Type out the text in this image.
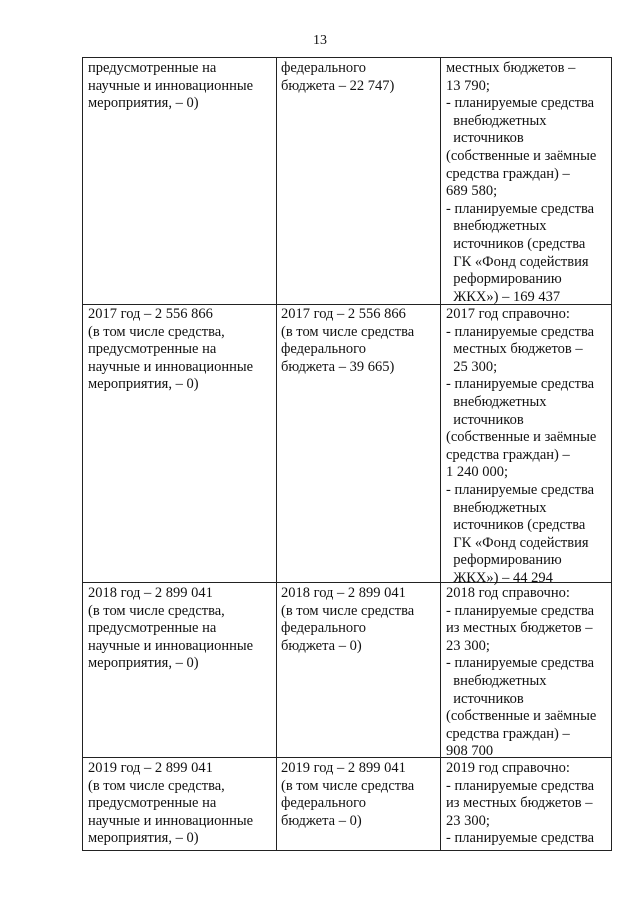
13
предусмотренные на
научные и инновационные
мероприятия, – 0)
федерального
бюджета – 22 747)
местных бюджетов –
13 790;
- планируемые средства
внебюджетных
источников
(собственные и заёмные
средства граждан) –
689 580;
- планируемые средства
внебюджетных
источников (средства
ГК «Фонд содействия
реформированию
ЖКХ») – 169 437
2017 год – 2 556 866
(в том числе средства,
предусмотренные на
научные и инновационные
мероприятия, – 0)
2017 год – 2 556 866
(в том числе средства
федерального
бюджета – 39 665)
2017 год справочно:
- планируемые средства
местных бюджетов –
25 300;
- планируемые средства
внебюджетных
источников
(собственные и заёмные
средства граждан) –
1 240 000;
- планируемые средства
внебюджетных
источников (средства
ГК «Фонд содействия
реформированию
ЖКХ») – 44 294
2018 год – 2 899 041
(в том числе средства,
предусмотренные на
научные и инновационные
мероприятия, – 0)
2018 год – 2 899 041
(в том числе средства
федерального
бюджета – 0)
2018 год справочно:
- планируемые средства
из местных бюджетов –
23 300;
- планируемые средства
внебюджетных
источников
(собственные и заёмные
средства граждан) –
908 700
2019 год – 2 899 041
(в том числе средства,
предусмотренные на
научные и инновационные
мероприятия, – 0)
2019 год – 2 899 041
(в том числе средства
федерального
бюджета – 0)
2019 год справочно:
- планируемые средства
из местных бюджетов –
23 300;
- планируемые средства
